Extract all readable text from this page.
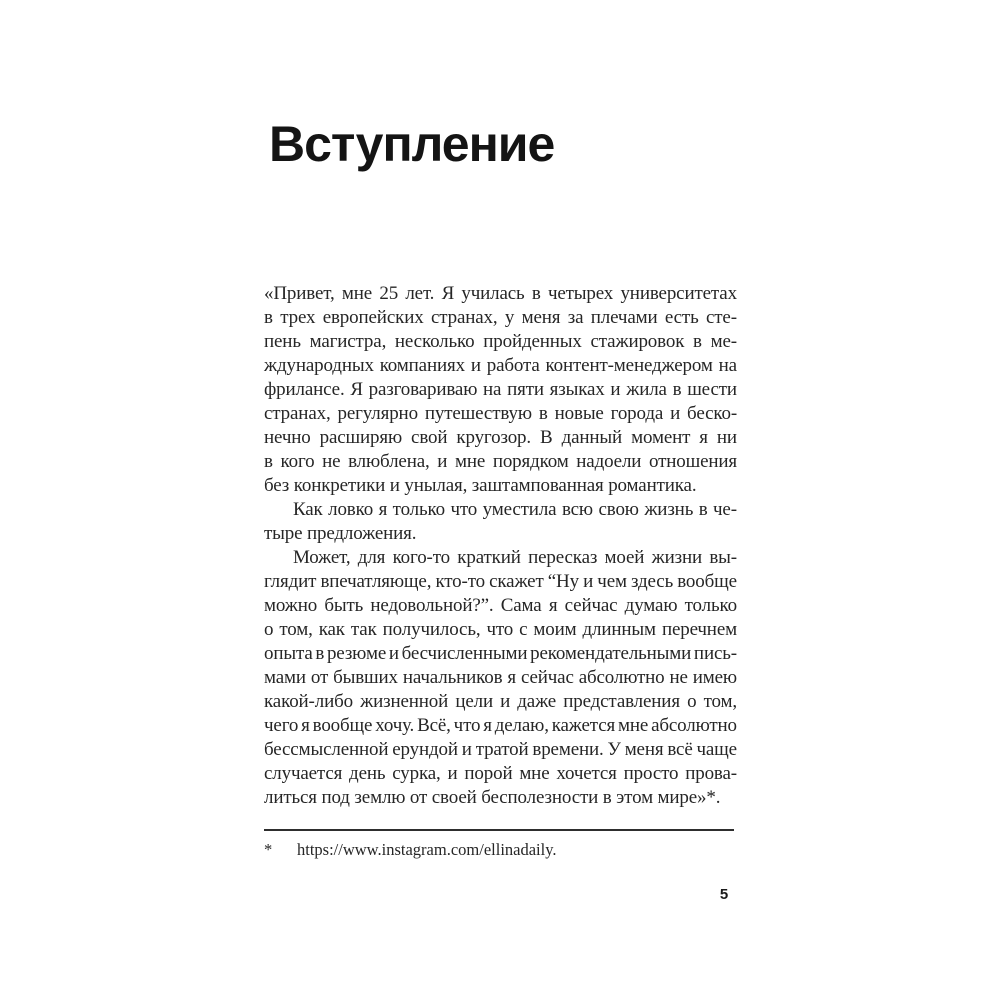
Вступление
«Привет, мне 25 лет. Я училась в четырех университетах
в трех европейских странах, у меня за плечами есть сте-
пень магистра, несколько пройденных стажировок в ме-
ждународных компаниях и работа контент-менеджером на
фрилансе. Я разговариваю на пяти языках и жила в шести
странах, регулярно путешествую в новые города и беско-
нечно расширяю свой кругозор. В данный момент я ни
в кого не влюблена, и мне порядком надоели отношения
без конкретики и унылая, заштампованная романтика.
Как ловко я только что уместила всю свою жизнь в че-
тыре предложения.
Может, для кого-то краткий пересказ моей жизни вы-
глядит впечатляюще, кто-то скажет “Ну и чем здесь вообще
можно быть недовольной?”. Сама я сейчас думаю только
о том, как так получилось, что с моим длинным перечнем
опыта в резюме и бесчисленными рекомендательными пись-
мами от бывших начальников я сейчас абсолютно не имею
какой-либо жизненной цели и даже представления о том,
чего я вообще хочу. Всё, что я делаю, кажется мне абсолютно
бессмысленной ерундой и тратой времени. У меня всё чаще
случается день сурка, и порой мне хочется просто прова-
литься под землю от своей бесполезности в этом мире»*.
*	https://www.instagram.com/ellinadaily.
5
